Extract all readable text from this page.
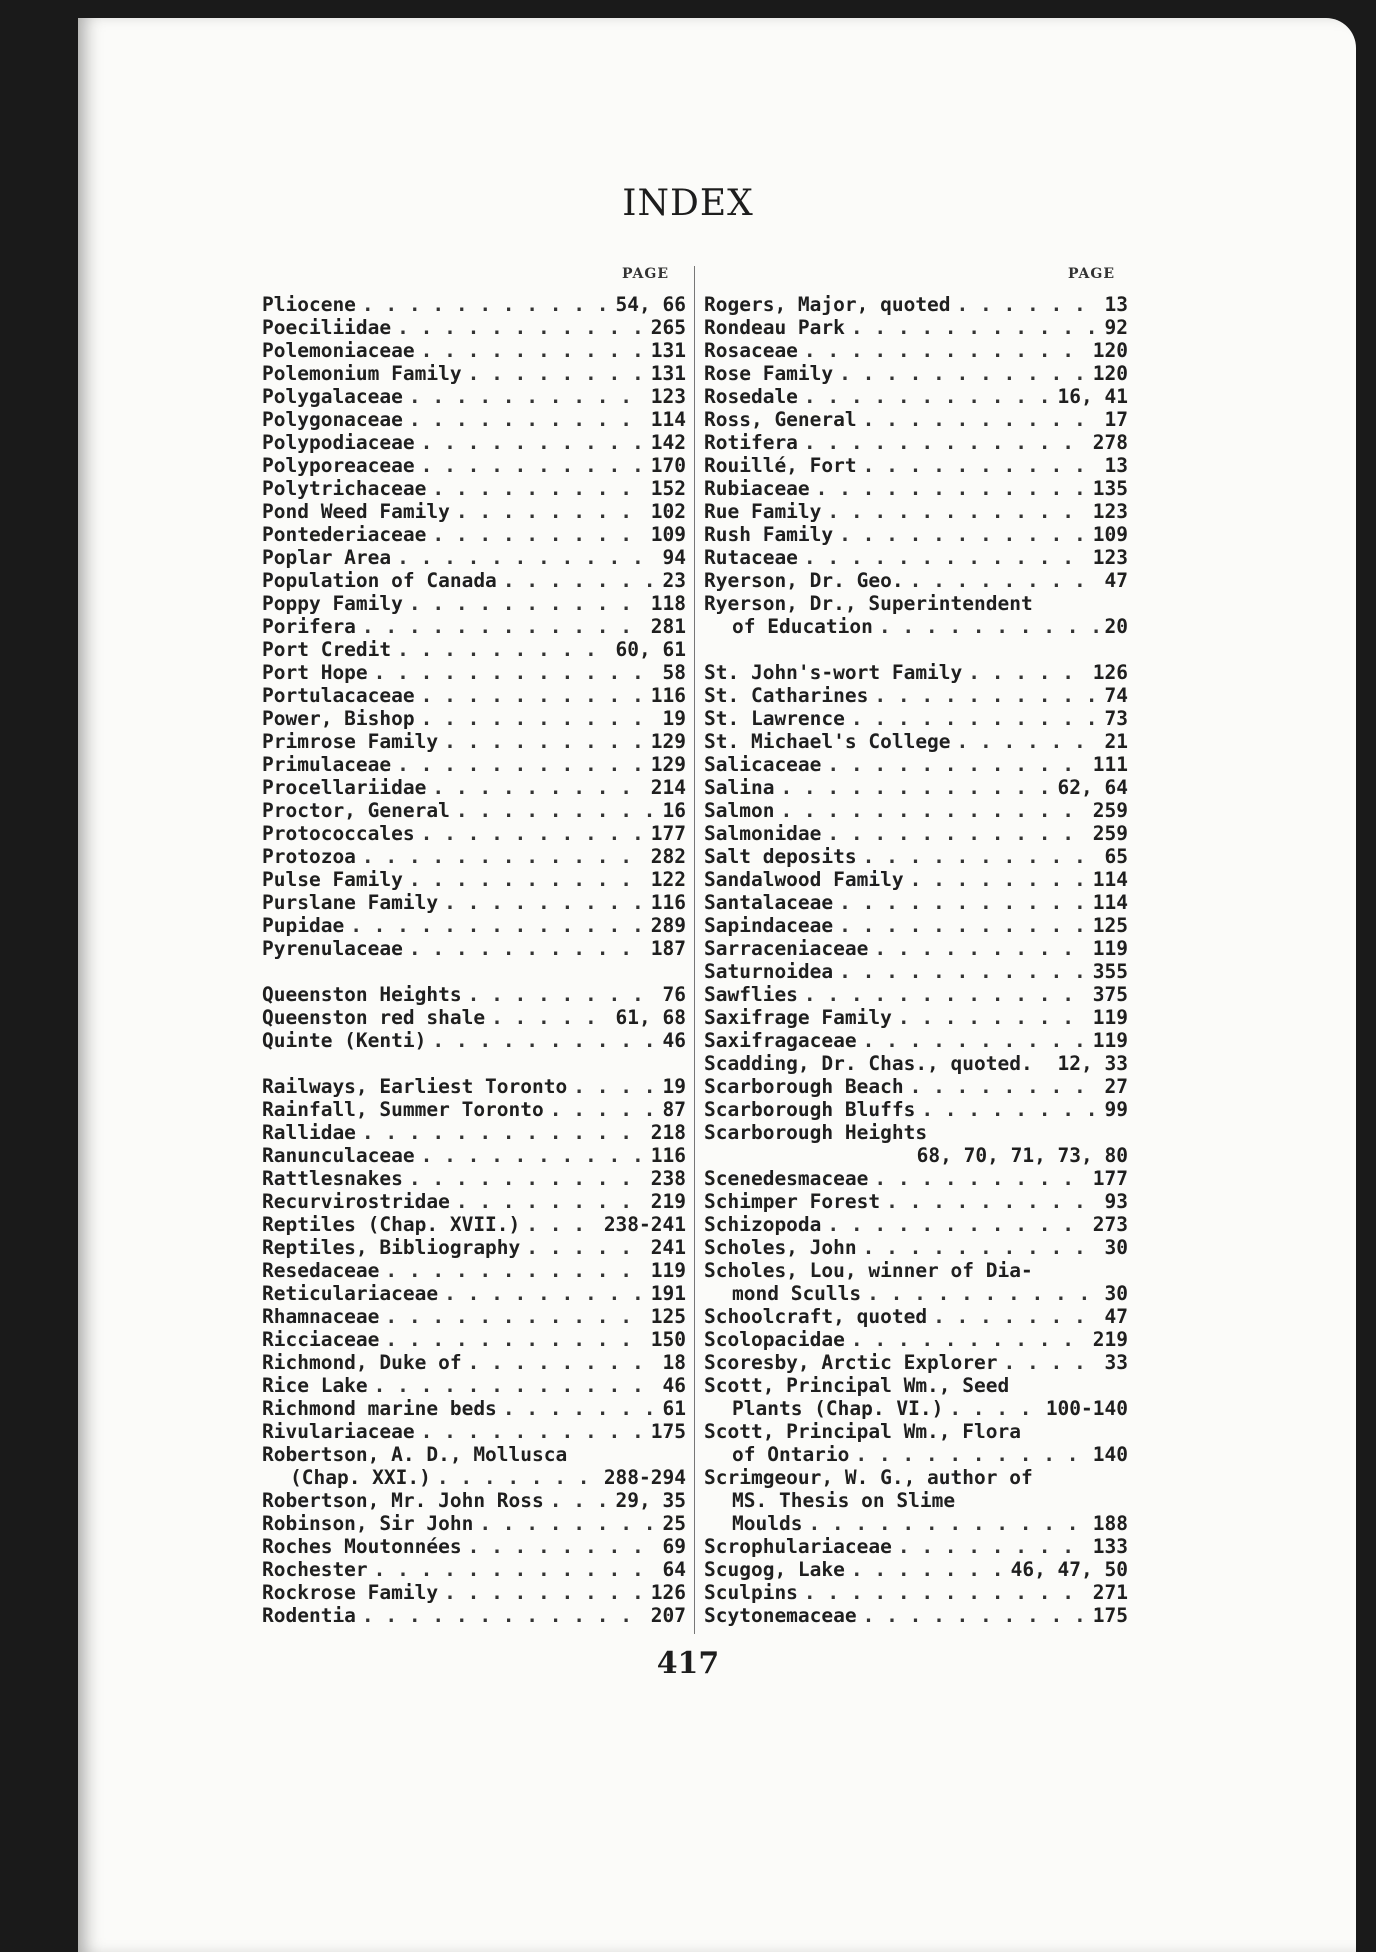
INDEX
PAGE	PAGE
Pliocene . . .	54, 66
Poeciliidae . . .	265
Polemoniaceae . . .	131
Polemonium Family . . .	131
Polygalaceae . . .	123
Polygonaceae . . .	114
Polypodiaceae . . .	142
Polyporeaceae . . .	170
Polytrichaceae . . .	152
Pond Weed Family . . .	102
Pontederiaceae . . .	109
Poplar Area . . .	94
Population of Canada . . .	23
Poppy Family . . .	118
Porifera . . .	281
Port Credit . . .	60, 61
Port Hope . . .	58
Portulacaceae . . .	116
Power, Bishop . . .	19
Primrose Family . . .	129
Primulaceae . . .	129
Procellariidae . . .	214
Proctor, General . . .	16
Protococcales . . .	177
Protozoa . . .	282
Pulse Family . . .	122
Purslane Family . . .	116
Pupidae . . .	289
Pyrenulaceae . . .	187
Queenston Heights . . .	76
Queenston red shale . . .	61, 68
Quinte (Kenti) . . .	46
Railways, Earliest Toronto . . .	19
Rainfall, Summer Toronto . . .	87
Rallidae . . .	218
Ranunculaceae . . .	116
Rattlesnakes . . .	238
Recurvirostridae . . .	219
Reptiles (Chap. XVII.) . . .	238-241
Reptiles, Bibliography . . .	241
Resedaceae . . .	119
Reticulariaceae . . .	191
Rhamnaceae . . .	125
Ricciaceae . . .	150
Richmond, Duke of . . .	18
Rice Lake . . .	46
Richmond marine beds . . .	61
Rivulariaceae . . .	175
Robertson, A. D., Mollusca
(Chap. XXI.) . . .	288-294
Robertson, Mr. John Ross . . .	29, 35
Robinson, Sir John . . .	25
Roches Moutonnées . . .	69
Rochester . . .	64
Rockrose Family . . .	126
Rodentia . . .	207
Rogers, Major, quoted . . .	13
Rondeau Park . . .	92
Rosaceae . . .	120
Rose Family . . .	120
Rosedale . . .	16, 41
Ross, General . . .	17
Rotifera . . .	278
Rouillé, Fort . . .	13
Rubiaceae . . .	135
Rue Family . . .	123
Rush Family . . .	109
Rutaceae . . .	123
Ryerson, Dr. Geo. . . .	47
Ryerson, Dr., Superintendent
of Education . . .	20
St. John's-wort Family . . .	126
St. Catharines . . .	74
St. Lawrence . . .	73
St. Michael's College . . .	21
Salicaceae . . .	111
Salina . . .	62, 64
Salmon . . .	259
Salmonidae . . .	259
Salt deposits . . .	65
Sandalwood Family . . .	114
Santalaceae . . .	114
Sapindaceae . . .	125
Sarraceniaceae . . .	119
Saturnoidea . . .	355
Sawflies . . .	375
Saxifrage Family . . .	119
Saxifragaceae . . .	119
Scadding, Dr. Chas., quoted. 12, 33
Scarborough Beach . . .	27
Scarborough Bluffs . . .	99
Scarborough Heights
68, 70, 71, 73, 80
Scenedesmaceae . . .	177
Schimper Forest . . .	93
Schizopoda . . .	273
Scholes, John . . .	30
Scholes, Lou, winner of Dia-
mond Sculls . . .	30
Schoolcraft, quoted . . .	47
Scolopacidae . . .	219
Scoresby, Arctic Explorer . . .	33
Scott, Principal Wm., Seed
Plants (Chap. VI.) . . .	100-140
Scott, Principal Wm., Flora
of Ontario . . .	140
Scrimgeour, W. G., author of
MS. Thesis on Slime
Moulds . . .	188
Scrophulariaceae . . .	133
Scugog, Lake . . .	46, 47, 50
Sculpins . . .	271
Scytonemaceae . . .	175
417
